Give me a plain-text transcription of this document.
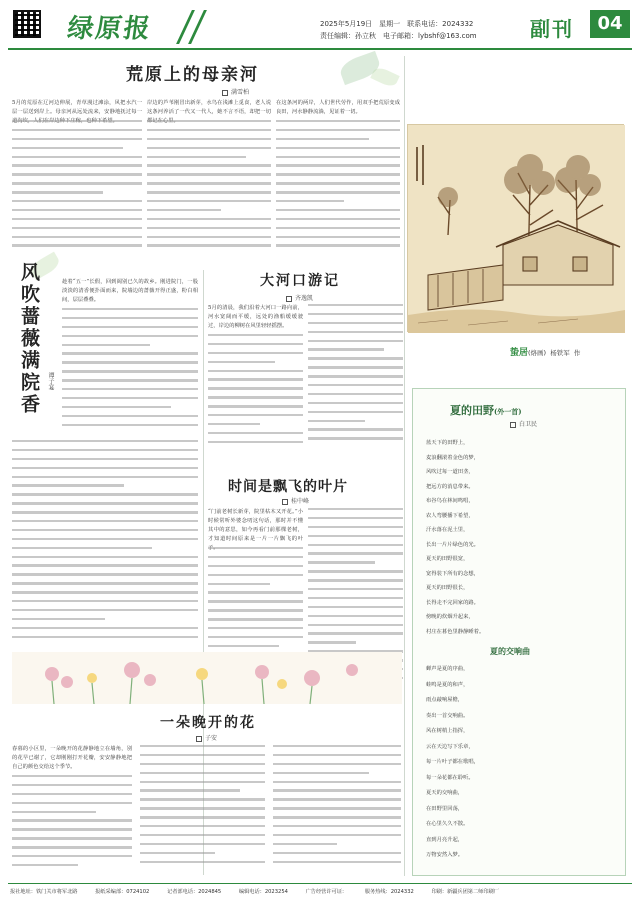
绿原报	2025年5月19日　星期一　联系电话：2024332
责任编辑：孙立秋　电子邮箱：lybshf@163.com	副刊	04
荒原上的母亲河
满雪柏
5月的荒原在辽河边伸展，青草漫过滩涂，风把水汽一层一层送到岸上。母亲河从远处流来，安静地抚过每一
岸边的芦苇刚冒出新芽，水鸟在浅滩上觅食，老人说这条河养活了一代又一代人，她不言不语，却把一切
在这条河的两岸，人们世代劳作，用双手把荒原变成良田，河水静静流淌，见证着一切。
蛰居(烙画) 杨铁军 作
风吹蔷薇满院香 谭子宴
趁着“五一”长假，回到阔别已久的故乡。刚进院门，一股淡淡的清香便扑面而来，院墙边的蔷薇开得正盛，粉白相间，层层叠叠。
大河口游记
齐逸凯
5月的清晨，我们沿着大河口一路向前，河水宽阔而平缓，远处的渔船缓缓驶过，岸边的柳树在风里轻轻摇摆。
时间是飘飞的叶片
桂中峰
“门前老树长新芽，院里枯木又开花。”小时候常听外婆念叨这句话，那时并不懂其中的意思，如今再看门前那棵老树，才知道时间原来是一片一片飘飞的叶
一朵晚开的花
子安
春暮的小区里，一朵晚开的花静静地立在墙角，别的花早已谢了，它却刚刚打开花瓣，安安静静地把自己的颜色交给这个季节。
夏的田野(外一首)
白卫民
蓝天下的田野上，
麦浪翻滚着金色的梦，
风吹过每一道田垄，
把远方的消息带来。
布谷鸟在林间鸣唱，
农人弯腰播下希望，
汗水落在泥土里，
长出一片片绿色的光。
夏天的田野很宽，
宽得装下所有的念想，
夏天的田野很长，
长得走不完回家的路。
傍晚的炊烟升起来，
村庄在暮色里静静睡着。
夏的交响曲
蝉声是夏的序曲，
蛙鸣是夏的和声，
雨点敲响屋檐，
奏出一首交响曲。
风在树梢上指挥，
云在天边写下乐章，
每一片叶子都在歌唱，
每一朵花都在聆听。
夏天的交响曲，
在田野里回荡，
在心里久久不散。
直到月亮升起，
万物安然入梦。
报社地址：铁门关市将军北路	报纸采编部：0724102	记者部电话：2024845	编辑电话：2023254	广告经营许可证：	服务热线：2024332	印刷：新疆兵团第二师印刷厂
